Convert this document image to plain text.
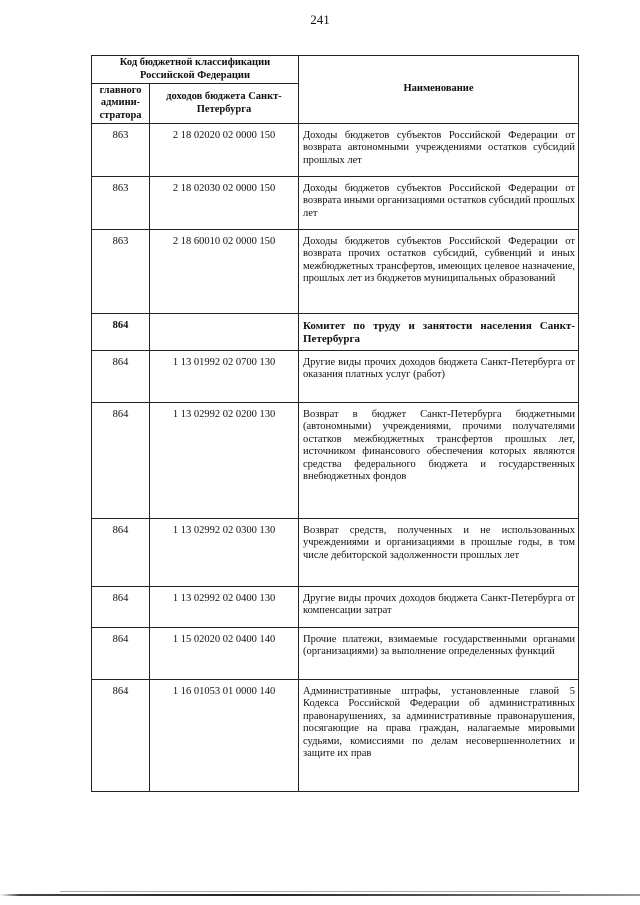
241
Код бюджетной классификации Российской Федерации		Наименование
главного админи-стратора	доходов бюджета Санкт-Петербурга	
863	2 18 02020 02 0000 150	Доходы бюджетов субъектов Российской Федерации от возврата автономными учреждениями остатков субсидий прошлых лет
863	2 18 02030 02 0000 150	Доходы бюджетов субъектов Российской Федерации от возврата иными организациями остатков субсидий прошлых лет
863	2 18 60010 02 0000 150	Доходы бюджетов субъектов Российской Федерации от возврата прочих остатков субсидий, субвенций и иных межбюджетных трансфертов, имеющих целевое назначение, прошлых лет из бюджетов муниципальных образований
864		Комитет по труду и занятости населения Санкт-Петербурга
864	1 13 01992 02 0700 130	Другие виды прочих доходов бюджета Санкт-Петербурга от оказания платных услуг (работ)
864	1 13 02992 02 0200 130	Возврат в бюджет Санкт-Петербурга бюджетными (автономными) учреждениями, прочими получателями остатков межбюджетных трансфертов прошлых лет, источником финансового обеспечения которых являются средства федерального бюджета и государственных внебюджетных фондов
864	1 13 02992 02 0300 130	Возврат средств, полученных и не использованных учреждениями и организациями в прошлые годы, в том числе дебиторской задолженности прошлых лет
864	1 13 02992 02 0400 130	Другие виды прочих доходов бюджета Санкт-Петербурга от компенсации затрат
864	1 15 02020 02 0400 140	Прочие платежи, взимаемые государственными органами (организациями) за выполнение определенных функций
864	1 16 01053 01 0000 140	Административные штрафы, установленные главой 5 Кодекса Российской Федерации об административных правонарушениях, за административные правонарушения, посягающие на права граждан, налагаемые мировыми судьями, комиссиями по делам несовершеннолетних и защите их прав
